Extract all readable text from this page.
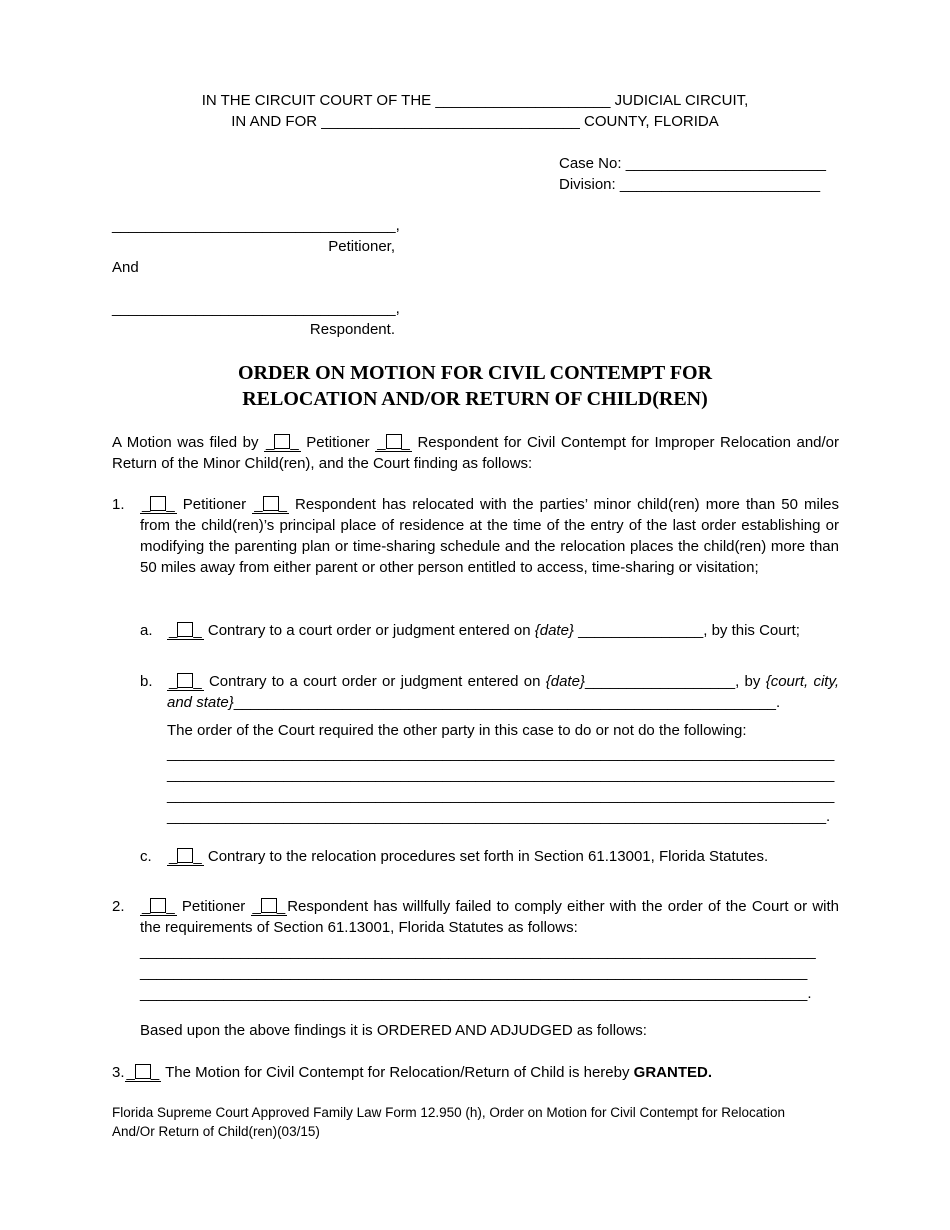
IN THE CIRCUIT COURT OF THE _____________________ JUDICIAL CIRCUIT,
IN AND FOR _______________________________ COUNTY, FLORIDA
Case No: ________________________
Division: ________________________
__________________________________,
Petitioner,
And
__________________________________,
Respondent.
ORDER ON MOTION FOR CIVIL CONTEMPT FOR
RELOCATION AND/OR RETURN OF CHILD(REN)
A Motion was filed by _ _ Petitioner _ _ Respondent for Civil Contempt for Improper Relocation and/or Return of the Minor Child(ren), and the Court finding as follows:
1. _ _ Petitioner _ _ Respondent has relocated with the parties’ minor child(ren) more than 50 miles from the child(ren)’s principal place of residence at the time of the entry of the last order establishing or modifying the parenting plan or time-sharing schedule and the relocation places the child(ren) more than 50 miles away from either parent or other person entitled to access, time-sharing or visitation;
a. _ _ Contrary to a court order or judgment entered on {date} _______________, by this Court;
b. _ _ Contrary to a court order or judgment entered on {date}__________________, by {court, city, and state}_________________________________________________________________.
The order of the Court required the other party in this case to do or not do the following:
________________________________________________________________________________
________________________________________________________________________________
________________________________________________________________________________
_______________________________________________________________________________.
c. _ _ Contrary to the relocation procedures set forth in Section 61.13001, Florida Statutes.
2. _ _ Petitioner _ _ Respondent has willfully failed to comply either with the order of the Court or with the requirements of Section 61.13001, Florida Statutes as follows:
_________________________________________________________________________________
________________________________________________________________________________
________________________________________________________________________________.
Based upon the above findings it is ORDERED AND ADJUDGED as follows:
3. _ _ The Motion for Civil Contempt for Relocation/Return of Child is hereby GRANTED.
Florida Supreme Court Approved Family Law Form 12.950 (h), Order on Motion for Civil Contempt for Relocation
And/Or Return of Child(ren)(03/15)
